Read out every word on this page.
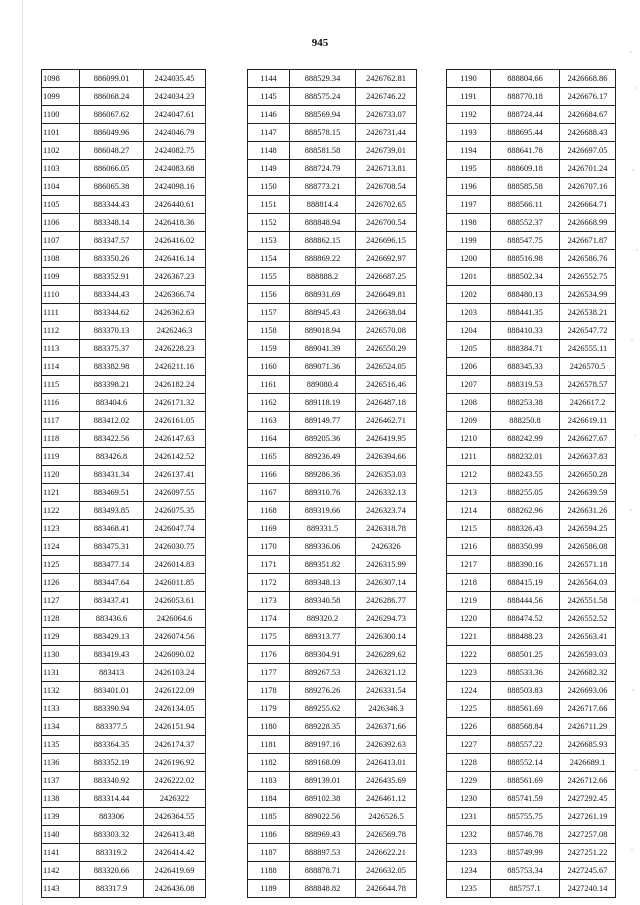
945
1098	886099.01	2424035.45
1099	886068.24	2424034.23
1100	886067.62	2424047.61
1101	886049.96	2424046.79
1102	886048.27	2424082.75
1103	886066.05	2424083.68
1104	886065.38	2424098.16
1105	883344.43	2426440.61
1106	883348.14	2426418.36
1107	883347.57	2426416.02
1108	883350.26	2426416.14
1109	883352.91	2426367.23
1110	883344.43	2426366.74
1111	883344.62	2426362.63
1112	883370.13	2426246.3
1113	883375.37	2426228.23
1114	883382.98	2426211.16
1115	883398.21	2426182.24
1116	883404.6	2426171.32
1117	883412.02	2426161.05
1118	883422.56	2426147.63
1119	883426.8	2426142.52
1120	883431.34	2426137.41
1121	883469.51	2426097.55
1122	883493.85	2426075.35
1123	883468.41	2426047.74
1124	883475.31	2426030.75
1125	883477.14	2426014.83
1126	883447.64	2426011.85
1127	883437.41	2426053.61
1128	883436.6	2426064.6
1129	883429.13	2426074.56
1130	883419.43	2426090.02
1131	883413	2426103.24
1132	883401.01	2426122.09
1133	883390.94	2426134.05
1134	883377.5	2426151.94
1135	883364.35	2426174.37
1136	883352.19	2426196.92
1137	883340.92	2426222.02
1138	883314.44	2426322
1139	883306	2426364.55
1140	883303.32	2426413.48
1141	883319.2	2426414.42
1142	883320.66	2426419.69
1143	883317.9	2426436.08
1144	888529.34	2426762.81
1145	888575.24	2426746.22
1146	888569.94	2426733.07
1147	888578.15	2426731.44
1148	888581.58	2426739.01
1149	888724.79	2426713.81
1150	888773.21	2426708.54
1151	888814.4	2426702.65
1152	888848.94	2426700.54
1153	888862.15	2426696.15
1154	888869.22	2426692.97
1155	888888.2	2426687.25
1156	888931.69	2426649.81
1157	888945.43	2426638.04
1158	889018.94	2426570.08
1159	889041.39	2426550.29
1160	889071.36	2426524.05
1161	889080.4	2426516.46
1162	889118.19	2426487.18
1163	889149.77	2426462.71
1164	889205.36	2426419.95
1165	889236.49	2426394.66
1166	889286.36	2426353.03
1167	889310.76	2426332.13
1168	889319.66	2426323.74
1169	889331.5	2426318.78
1170	889336.06	2426326
1171	889351.82	2426315.99
1172	889348.13	2426307.14
1173	889340.58	2426286.77
1174	889320.2	2426294.73
1175	889313.77	2426300.14
1176	889304.91	2426289.62
1177	889267.53	2426321.12
1178	889276.26	2426331.54
1179	889255.62	2426346.3
1180	889228.35	2426371.66
1181	889197.16	2426392.63
1182	889168.09	2426413.01
1183	889139.01	2426435.69
1184	889102.38	2426461.12
1185	889022.56	2426526.5
1186	888969.43	2426569.78
1187	888897.53	2426622.21
1188	888878.71	2426632.05
1189	888848.82	2426644.78
1190	888804.66	2426668.86
1191	888770.18	2426676.17
1192	888724.44	2426684.67
1193	888695.44	2426688.43
1194	888641.78	2426697.05
1195	888609.18	2426701.24
1196	888585.58	2426707.16
1197	888566.11	2426664.71
1198	888552.37	2426668.99
1199	888547.75	2426671.87
1200	888516.98	2426586.76
1201	888502.34	2426552.75
1202	888480.13	2426534.99
1203	888441.35	2426538.21
1204	888410.33	2426547.72
1205	888384.71	2426555.11
1206	888345.33	2426570.5
1207	888319.53	2426578.57
1208	888253.38	2426617.2
1209	888250.8	2426619.11
1210	888242.99	2426627.67
1211	888232.01	2426637.83
1212	888243.55	2426650.28
1213	888255.05	2426639.59
1214	888262.96	2426631.26
1215	888326.43	2426594.25
1216	888350.99	2426586.08
1217	888390.16	2426571.18
1218	888415.19	2426564.03
1219	888444.56	2426551.58
1220	888474.52	2426552.52
1221	888488.23	2426563.41
1222	888501.25	2426593.03
1223	888533.36	2426682.32
1224	888503.83	2426693.06
1225	888561.69	2426717.66
1226	888568.84	2426711.29
1227	888557.22	2426685.93
1228	888552.14	2426689.1
1229	888561.69	2426712.66
1230	885741.59	2427292.45
1231	885755.75	2427261.19
1232	885746.78	2427257.08
1233	885749.99	2427251.22
1234	885753.34	2427245.67
1235	885757.1	2427240.14
